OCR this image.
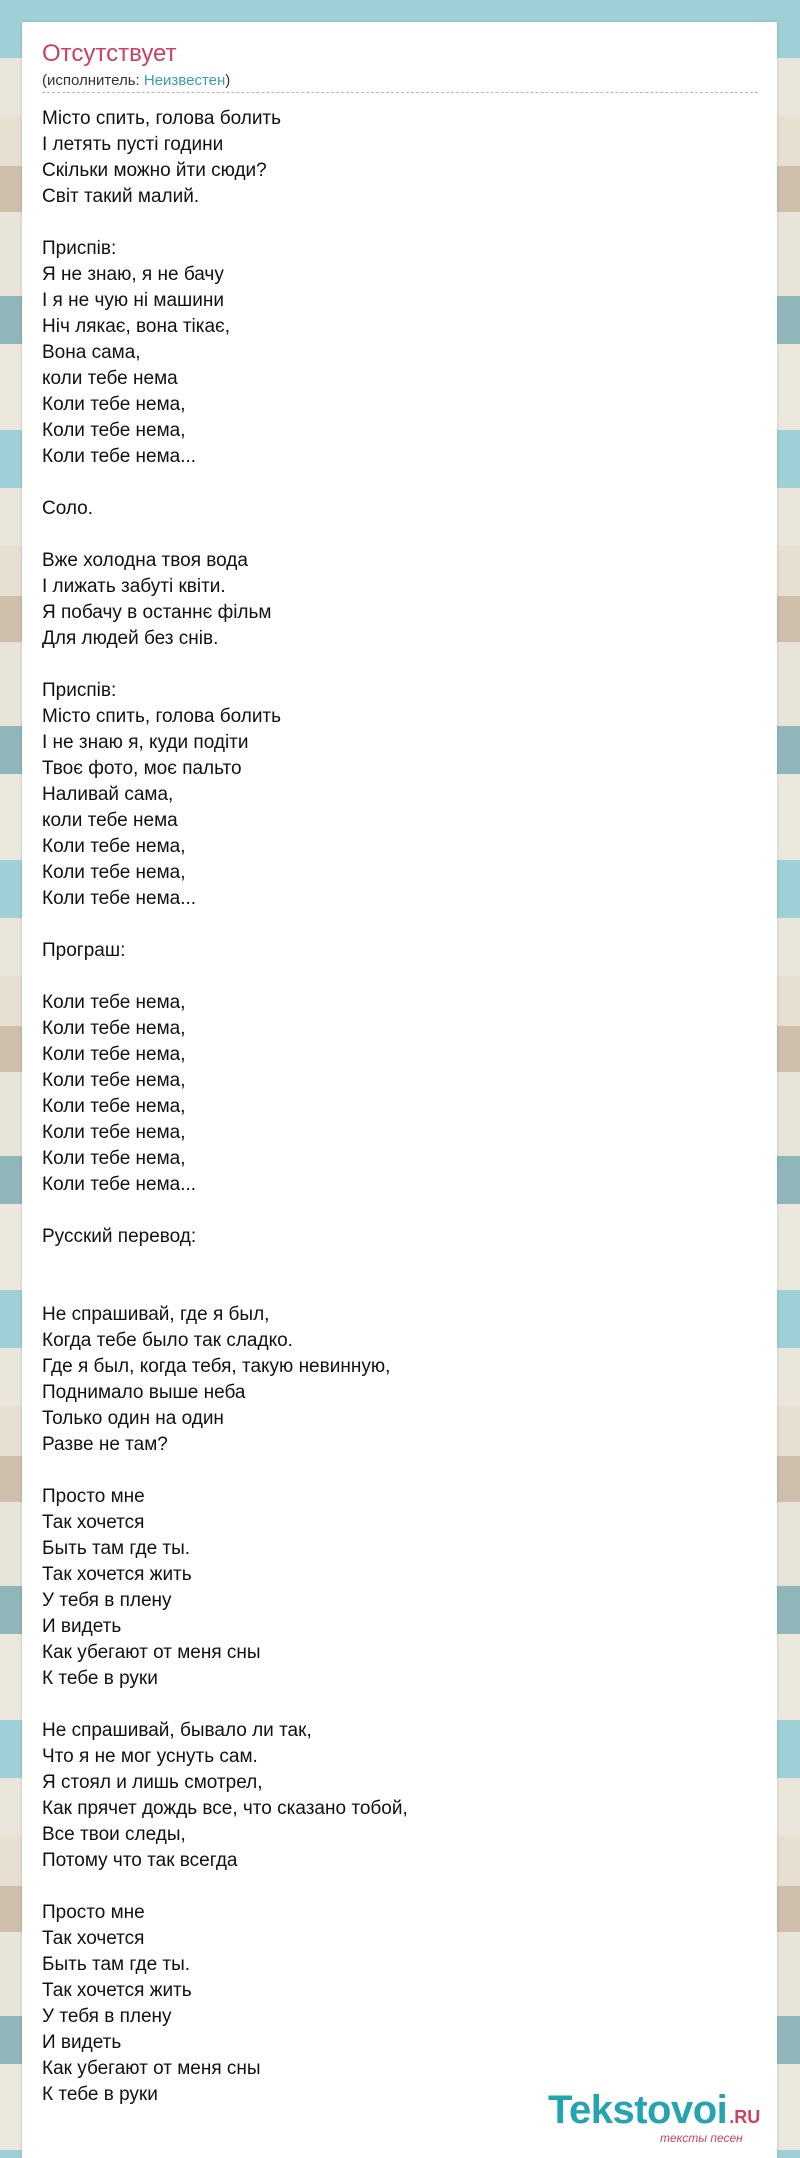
Отсутствует
(исполнитель: Неизвестен)
Місто спить, голова болить
І летять пусті години
Скільки можно йти сюди?
Світ такий малий.
Приспів:
Я не знаю, я не бачу
І я не чую ні машини
Ніч лякає, вона тікає,
Вона сама,
коли тебе нема
Коли тебе нема,
Коли тебе нема,
Коли тебе нема...
Соло.
Вже холодна твоя вода
І лижать забуті квіти.
Я побачу в останнє фільм
Для людей без снів.
Приспів:
Місто спить, голова болить
І не знаю я, куди подіти
Твоє фото, моє пальто
Наливай сама,
коли тебе нема
Коли тебе нема,
Коли тебе нема,
Коли тебе нема...
Програш:
Коли тебе нема,
Коли тебе нема,
Коли тебе нема,
Коли тебе нема,
Коли тебе нема,
Коли тебе нема,
Коли тебе нема,
Коли тебе нема...
Русский перевод:
Не спрашивай, где я был,
Когда тебе было так сладко.
Где я был, когда тебя, такую невинную,
Поднимало выше неба
Только один на один
Разве не там?
Просто мне
Так хочется
Быть там где ты.
Так хочется жить
У тебя в плену
И видеть
Как убегают от меня сны
К тебе в руки
Не спрашивай, бывало ли так,
Что я не мог уснуть сам.
Я стоял и лишь смотрел,
Как прячет дождь все, что сказано тобой,
Все твои следы,
Потому что так всегда
Просто мне
Так хочется
Быть там где ты.
Так хочется жить
У тебя в плену
И видеть
Как убегают от меня сны
К тебе в руки	Tekstovoi .RU
тексты песен
